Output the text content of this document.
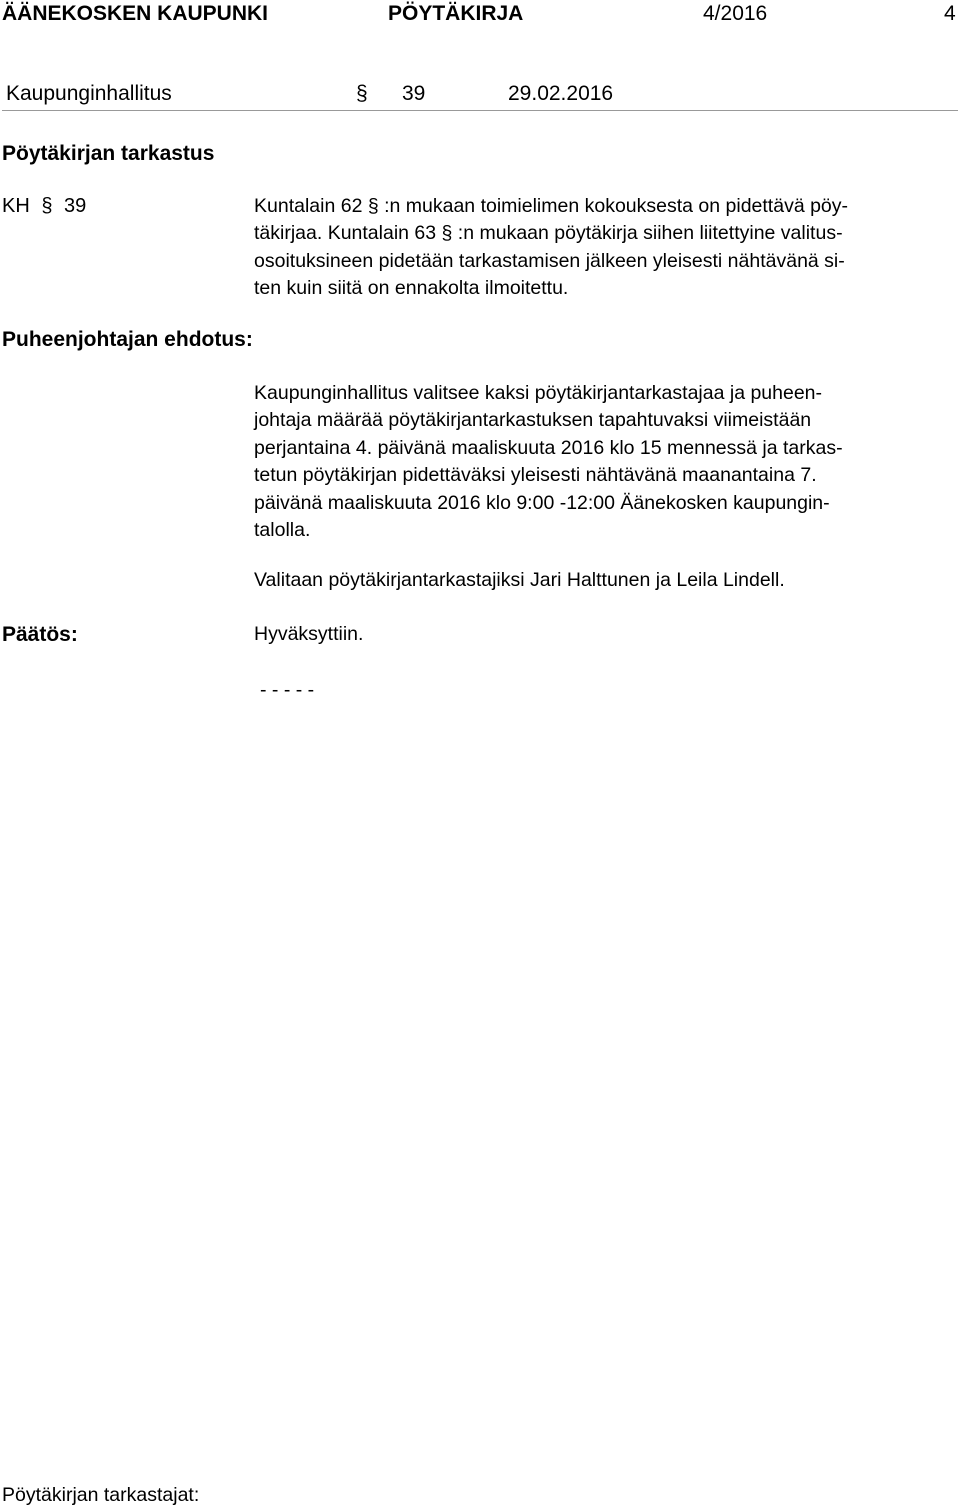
ÄÄNEKOSKEN KAUPUNKI	PÖYTÄKIRJA	4/2016	4
Kaupunginhallitus	§ 39	29.02.2016
Pöytäkirjan tarkastus
KH § 39	Kuntalain 62 § :n mukaan toimielimen kokouksesta on pidettävä pöy-
täkirjaa. Kuntalain 63 § :n mukaan pöytäkirja siihen liitettyine valitus-
osoituksineen pidetään tarkastamisen jälkeen yleisesti nähtävänä si-
ten kuin siitä on ennakolta ilmoitettu.
Puheenjohtajan ehdotus:
Kaupunginhallitus valitsee kaksi pöytäkirjantarkastajaa ja puheen-
johtaja määrää pöytäkirjantarkastuksen tapahtuvaksi viimeistään
perjantaina 4. päivänä maaliskuuta 2016 klo 15 mennessä ja tarkas-
tetun pöytäkirjan pidettäväksi yleisesti nähtävänä maanantaina 7.
päivänä maaliskuuta 2016 klo 9:00 -12:00 Äänekosken kaupungin-
talolla.
Valitaan pöytäkirjantarkastajiksi Jari Halttunen ja Leila Lindell.
Päätös:	Hyväksyttiin.
- - - - -
Pöytäkirjan tarkastajat:
